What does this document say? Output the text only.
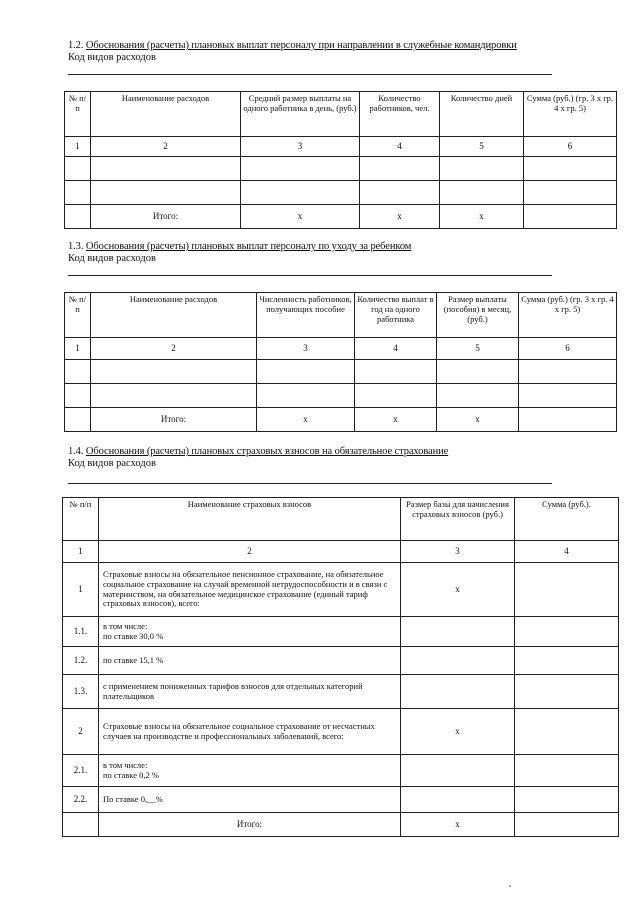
1.2. Обоснования (расчеты) плановых выплат персоналу при направлении в служебные командировки
Код видов расходов
№ п/п	Наименование расходов	Средний размер выплаты на одного работника в день, (руб.)	Количество работников, чел.	Количество дней	Сумма (руб.) (гр. 3 x гр. 4 x гр. 5)
1	2	3	4	5	6

	Итого:	x	x	x	
1.3. Обоснования (расчеты) плановых выплат персоналу по уходу за ребенком
Код видов расходов
№ п/п	Наименование расходов	Численность работников, получающих пособие	Количество выплат в год на одного работника	Размер выплаты (пособия) в месяц, (руб.)	Сумма (руб.) (гр. 3 x гр. 4 x гр. 5)
1	2	3	4	5	6

	Итого:	x	x	x	
1.4. Обоснования (расчеты) плановых страховых взносов на обязательное страхование
Код видов расходов
№ п/п	Наименование страховых взносов	Размер базы для начисления страховых взносов (руб.)	Сумма (руб.).
1	2	3	4
1	Страховые взносы на обязательное пенсионное страхование, на обязательное социальное страхование на случай временной нетрудоспособности и в связи с материнством, на обязательное медицинское страхование (единый тариф страховых взносов), всего:	x	
1.1.	в том числе:
по ставке 30,0 %		
1.2.	по ставке 15,1 %		
1.3.	с применением пониженных тарифов взносов для отдельных категорий плательщиков		
2	Страховые взносы на обязательное социальное страхование от несчастных случаев на производстве и профессиональных заболеваний, всего:	x	
2.1.	в том числе:
по ставке 0,2 %		
2.2.	По ставке 0,__%		
	Итого:	x	
